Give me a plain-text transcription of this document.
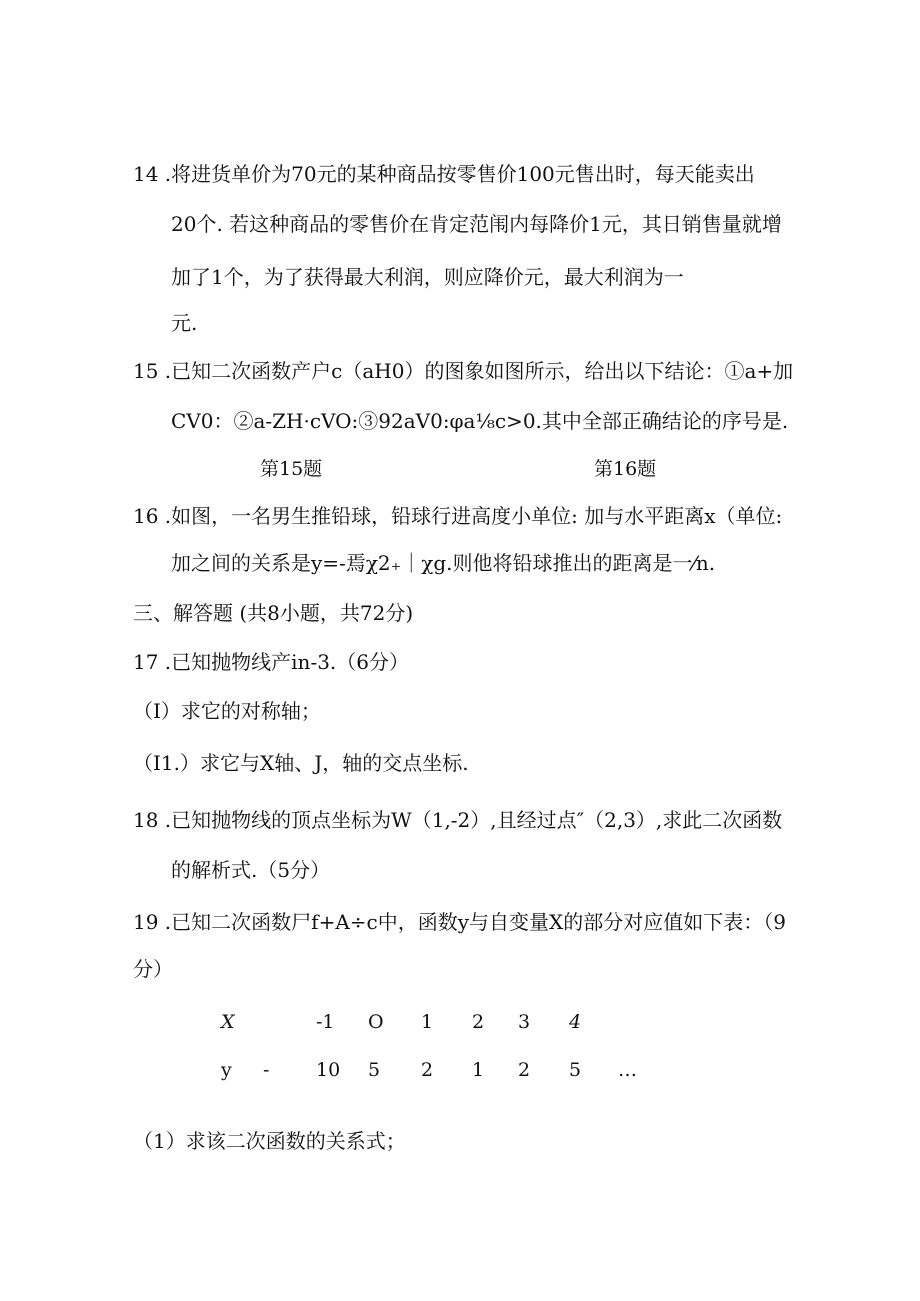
14 .将进货单价为70元的某种商品按零售价100元售出时，每天能卖出
20个. 若这种商品的零售价在肯定范闱内每降价1元，其日销售量就增
加了1个，为了获得最大利润，则应降价元，最大利润为一
元.
15 .已知二次函数产户c（aH0）的图象如图所示，给出以下结论：①a+加
CV0：②a-ZH·cVO:③92aV0:φa¹⁄₈c>0.其中全部正确结论的序号是.
第15题	第16题
16 .如图，一名男生推铅球，铅球行进高度小单位: 加与水平距离x（单位:
加之间的关系是y=-焉χ2₊｜χg.则他将铅球推出的距离是一⁄n.
三、解答题 (共8小题，共72分)
17 .已知抛物线产in-3.（6分）
（I）求它的对称轴；
（I1.）求它与X轴、J，轴的交点坐标.
18 .已知抛物线的顶点坐标为W（1,-2）,且经过点″（2,3）,求此二次函数
的解析式.（5分）
19 .已知二次函数尸f+A÷c中，函数y与自变量X的部分对应值如下表：（9
分）
X	-1 O 1 2 3 4
y - 10 5 2 1 2 5 …
（1）求该二次函数的关系式；
